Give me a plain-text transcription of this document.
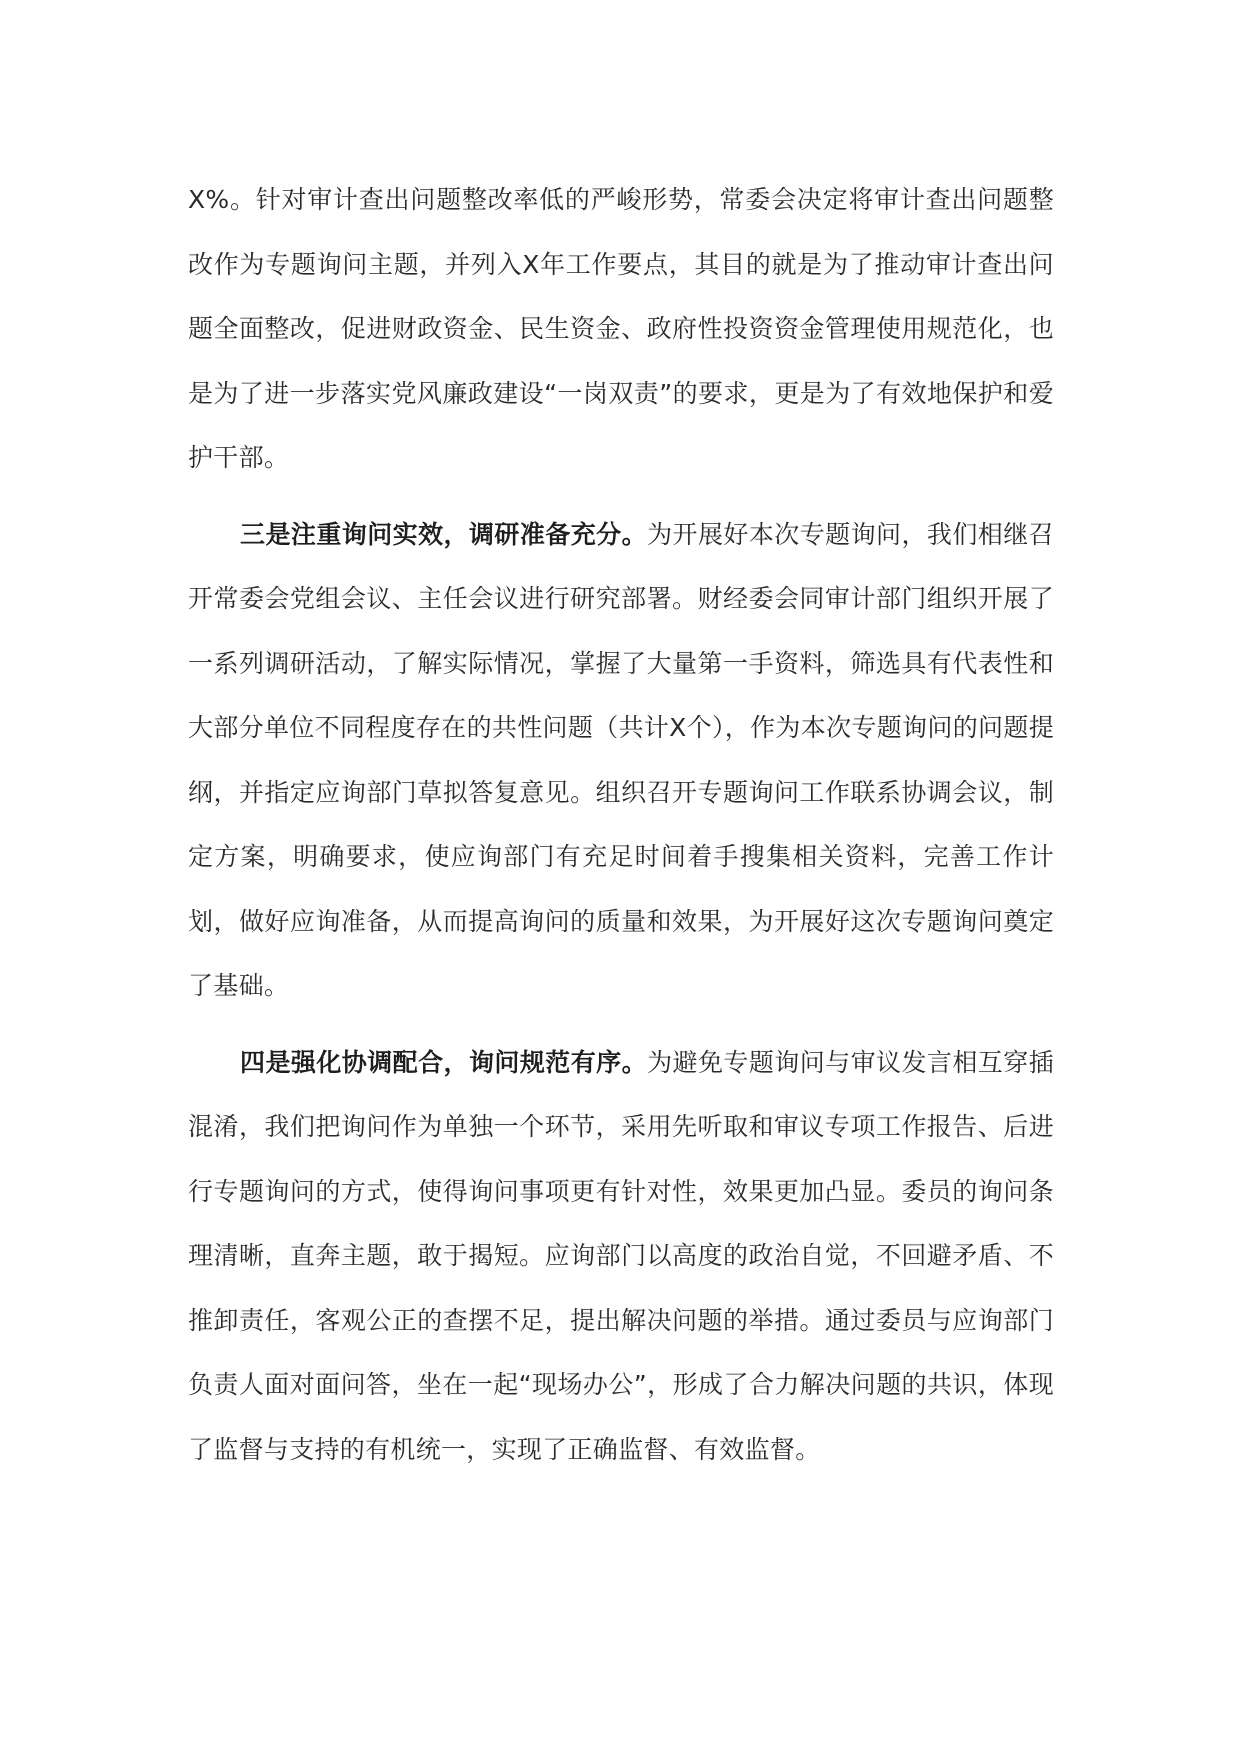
X%。针对审计查出问题整改率低的严峻形势，常委会决定将审计查出问题整改作为专题询问主题，并列入X年工作要点，其目的就是为了推动审计查出问题全面整改，促进财政资金、民生资金、政府性投资资金管理使用规范化，也是为了进一步落实党风廉政建设“一岗双责”的要求，更是为了有效地保护和爱护干部。

三是注重询问实效，调研准备充分。为开展好本次专题询问，我们相继召开常委会党组会议、主任会议进行研究部署。财经委会同审计部门组织开展了一系列调研活动，了解实际情况，掌握了大量第一手资料，筛选具有代表性和大部分单位不同程度存在的共性问题（共计X个），作为本次专题询问的问题提纲，并指定应询部门草拟答复意见。组织召开专题询问工作联系协调会议，制定方案，明确要求，使应询部门有充足时间着手搜集相关资料，完善工作计划，做好应询准备，从而提高询问的质量和效果，为开展好这次专题询问奠定了基础。

四是强化协调配合，询问规范有序。为避免专题询问与审议发言相互穿插混淆，我们把询问作为单独一个环节，采用先听取和审议专项工作报告、后进行专题询问的方式，使得询问事项更有针对性，效果更加凸显。委员的询问条理清晰，直奔主题，敢于揭短。应询部门以高度的政治自觉，不回避矛盾、不推卸责任，客观公正的查摆不足，提出解决问题的举措。通过委员与应询部门负责人面对面问答，坐在一起“现场办公”，形成了合力解决问题的共识，体现了监督与支持的有机统一，实现了正确监督、有效监督。
